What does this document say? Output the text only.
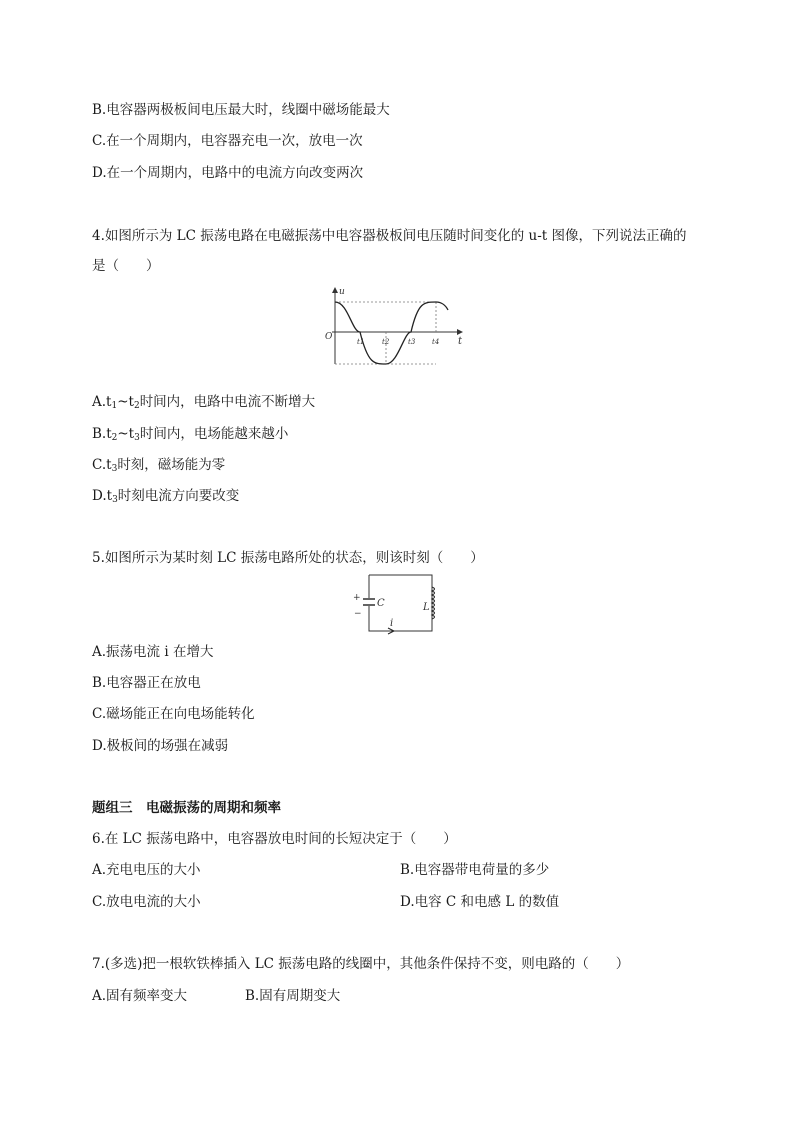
B.电容器两极板间电压最大时，线圈中磁场能最大
C.在一个周期内，电容器充电一次，放电一次
D.在一个周期内，电路中的电流方向改变两次
4.如图所示为 LC 振荡电路在电磁振荡中电容器极板间电压随时间变化的 u-t 图像，下列说法正确的
是（　　）
u
t
O	t1	t2	t3 t4
$A.t_1\sim t_2$时间内，电路中电流不断增大
$B.t_2\sim t_3$时间内，电场能越来越小
$C.t_3$时刻，磁场能为零
$D.t_3$时刻电流方向要改变
5.如图所示为某时刻 LC 振荡电路所处的状态，则该时刻（　　）
+
−
C	L
i
A.振荡电流 i 在增大
B.电容器正在放电
C.磁场能正在向电场能转化
D.极板间的场强在减弱
题组三　电磁振荡的周期和频率
6.在 LC 振荡电路中，电容器放电时间的长短决定于（　　）
A.充电电压的大小	B.电容器带电荷量的多少
C.放电电流的大小	D.电容 C 和电感 L 的数值
7.(多选)把一根软铁棒插入 LC 振荡电路的线圈中，其他条件保持不变，则电路的（　　）
A.固有频率变大	B.固有周期变大
